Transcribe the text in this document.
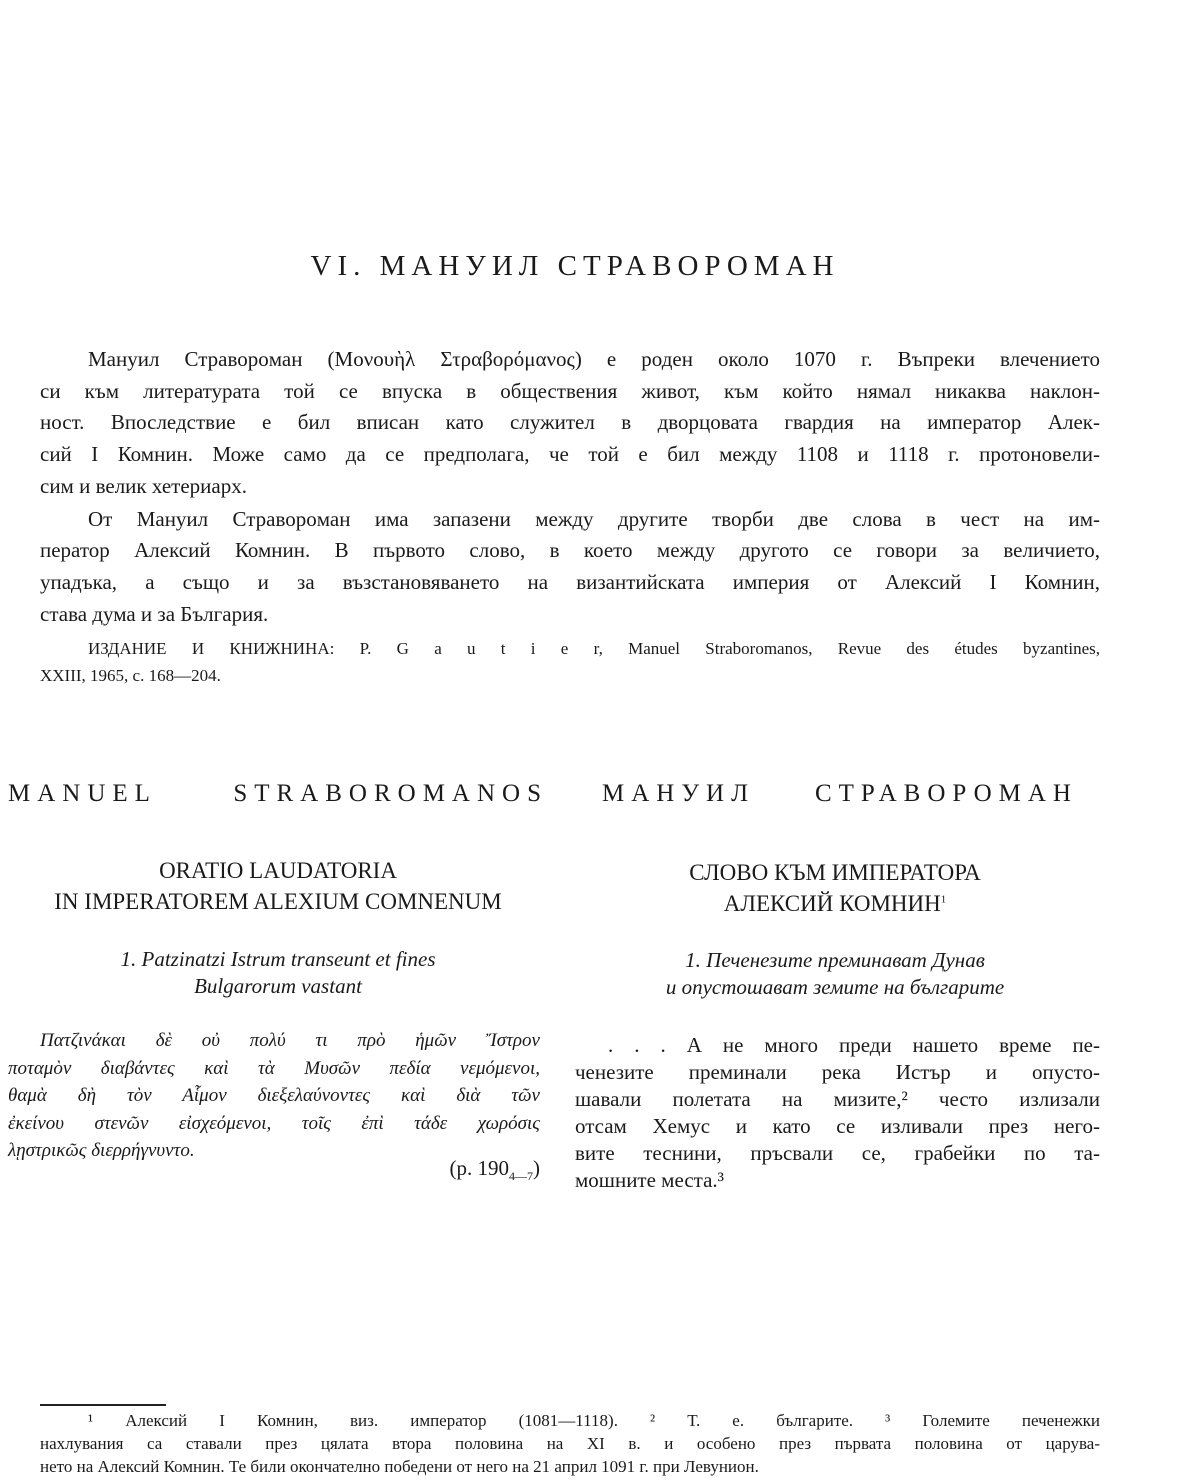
VI. МАНУИЛ СТРАВОРОМАН
Мануил Страворoман (Μονουὴλ Στραβορόμανος) е роден около 1070 г. Въпреки влечението
си към литературата той се впуска в обществения живот, към който нямал никаква наклон-
ност. Впоследствие е бил вписан като служител в дворцовата гвардия на император Алек-
сий I Комнин. Може само да се предполага, че той е бил между 1108 и 1118 г. протоновели-
сим и велик хетериарх.
От Мануил Страворoман има запазени между другите творби две слова в чест на им-
ператор Алексий Комнин. В първото слово, в което между другото се говори за величието,
упадъка, а също и за възстановяването на византийската империя от Алексий I Комнин,
става дума и за България.
ИЗДАНИЕ И КНИЖНИНА: P. G a u t i e r, Manuel Straboromanos, Revue des études byzantines,
XXIII, 1965, с. 168—204.
MANUEL STRABOROMANOS
ORATIO LAUDATORIA
IN IMPERATOREM ALEXIUM COMNENUM
1. Patzinatzi Istrum transeunt et fines
Bulgarorum vastant
Πατζινάκαι δὲ οὐ πολύ τι πρὸ ἡμῶν Ἴστρον
ποταμὸν διαβάντες καὶ τὰ Μυσῶν πεδία νεμόμενοι,
θαμὰ δὴ τὸν Αἷμον διεξελαύνοντες καὶ διὰ τῶν
ἐκείνου στενῶν εἰσχεόμενοι, τοῖς ἐπὶ τάδε χωρόσις
λῃστρικῶς διερρήγνυντο.
(p. $190_{4—7}$)
МАНУИЛ СТРАВОРОМАН
СЛОВО КЪМ ИМПЕРАТОРА
АЛЕКСИЙ КОМНИН$^1$
1. Печенезите преминават Дунав
и опустошават земите на българите
. . . А не много преди нашето време пе-
ченезите преминали река Истър и опусто-
шавали полетата на мизите,² често излизали
отсам Хемус и като се изливали през него-
вите теснини, пръсвали се, грабейки по та-
мошните места.³
¹ Алексий I Комнин, виз. император (1081—1118). ² Т. е. българите. ³ Големите печенежки
нахлувания са ставали през цялата втора половина на XI в. и особено през първата половина от царува-
нето на Алексий Комнин. Те били окончателно победени от него на 21 април 1091 г. при Левунион.
